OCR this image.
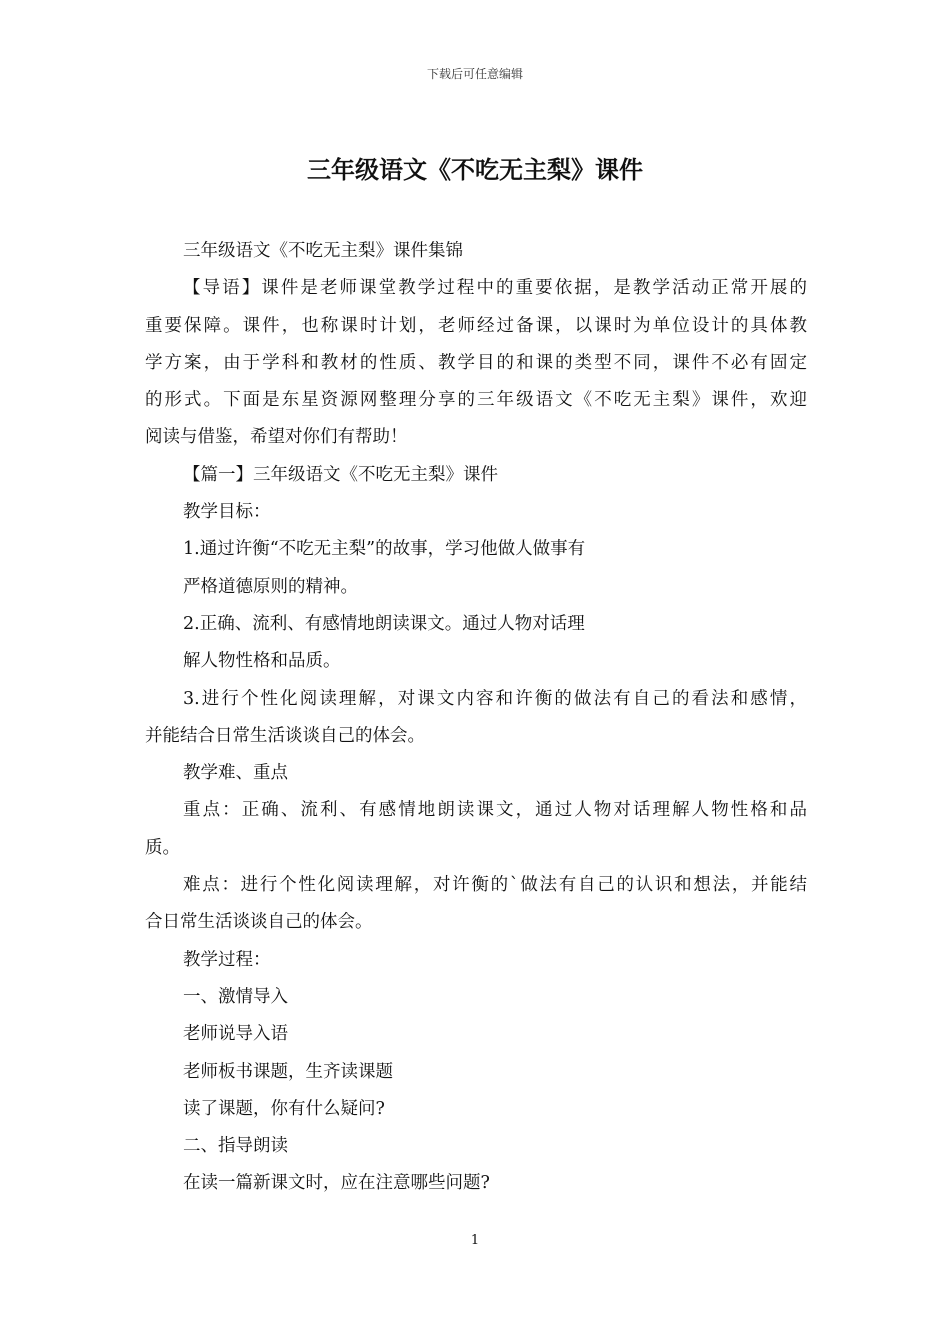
下载后可任意编辑
三年级语文《不吃无主梨》课件

三年级语文《不吃无主梨》课件集锦

【导语】课件是老师课堂教学过程中的重要依据，是教学活动正常开展的

重要保障。课件，也称课时计划，老师经过备课，以课时为单位设计的具体教

学方案，由于学科和教材的性质、教学目的和课的类型不同，课件不必有固定

的形式。下面是东星资源网整理分享的三年级语文《不吃无主梨》课件，欢迎

阅读与借鉴，希望对你们有帮助！

【篇一】三年级语文《不吃无主梨》课件

教学目标：

1.通过许衡“不吃无主梨”的故事，学习他做人做事有

严格道德原则的精神。

2.正确、流利、有感情地朗读课文。通过人物对话理

解人物性格和品质。

3.进行个性化阅读理解，对课文内容和许衡的做法有自己的看法和感情，

并能结合日常生活谈谈自己的体会。

教学难、重点

重点：正确、流利、有感情地朗读课文，通过人物对话理解人物性格和品

质。

难点：进行个性化阅读理解，对许衡的`做法有自己的认识和想法，并能结

合日常生活谈谈自己的体会。

教学过程：

一、激情导入

老师说导入语

老师板书课题，生齐读课题

读了课题，你有什么疑问?

二、指导朗读

在读一篇新课文时，应在注意哪些问题?

1
